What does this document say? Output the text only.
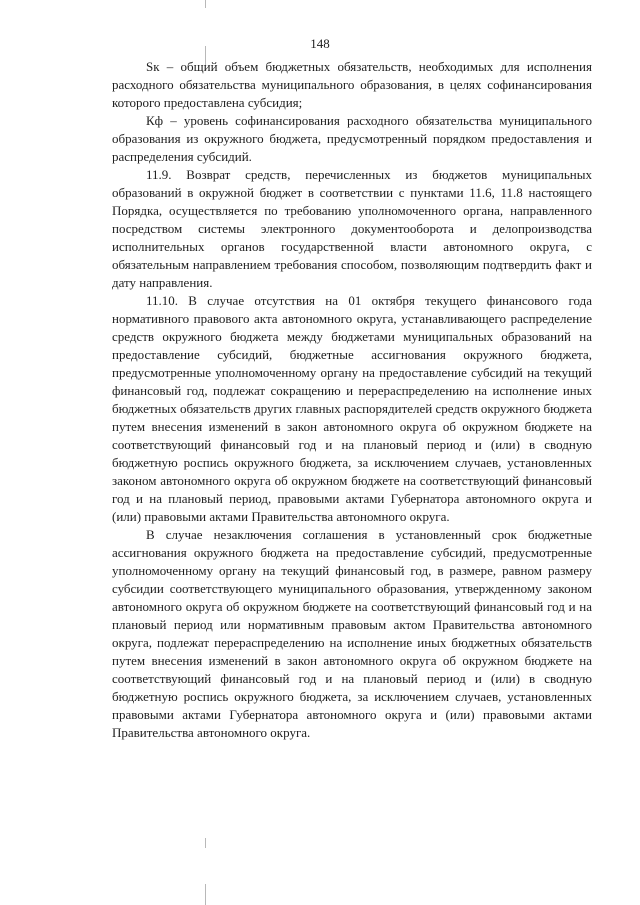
148

Sк – общий объем бюджетных обязательств, необходимых для исполнения расходного обязательства муниципального образования, в целях софинансирования которого предоставлена субсидия;

Кф – уровень софинансирования расходного обязательства муниципального образования из окружного бюджета, предусмотренный порядком предоставления и распределения субсидий.

11.9. Возврат средств, перечисленных из бюджетов муниципальных образований в окружной бюджет в соответствии с пунктами 11.6, 11.8 настоящего Порядка, осуществляется по требованию уполномоченного органа, направленного посредством системы электронного документооборота и делопроизводства исполнительных органов государственной власти автономного округа, с обязательным направлением требования способом, позволяющим подтвердить факт и дату направления.

11.10. В случае отсутствия на 01 октября текущего финансового года нормативного правового акта автономного округа, устанавливающего распределение средств окружного бюджета между бюджетами муниципальных образований на предоставление субсидий, бюджетные ассигнования окружного бюджета, предусмотренные уполномоченному органу на предоставление субсидий на текущий финансовый год, подлежат сокращению и перераспределению на исполнение иных бюджетных обязательств других главных распорядителей средств окружного бюджета путем внесения изменений в закон автономного округа об окружном бюджете на соответствующий финансовый год и на плановый период и (или) в сводную бюджетную роспись окружного бюджета, за исключением случаев, установленных законом автономного округа об окружном бюджете на соответствующий финансовый год и на плановый период, правовыми актами Губернатора автономного округа и (или) правовыми актами Правительства автономного округа.

В случае незаключения соглашения в установленный срок бюджетные ассигнования окружного бюджета на предоставление субсидий, предусмотренные уполномоченному органу на текущий финансовый год, в размере, равном размеру субсидии соответствующего муниципального образования, утвержденному законом автономного округа об окружном бюджете на соответствующий финансовый год и на плановый период или нормативным правовым актом Правительства автономного округа, подлежат перераспределению на исполнение иных бюджетных обязательств путем внесения изменений в закон автономного округа об окружном бюджете на соответствующий финансовый год и на плановый период и (или) в сводную бюджетную роспись окружного бюджета, за исключением случаев, установленных правовыми актами Губернатора автономного округа и (или) правовыми актами Правительства автономного округа.
